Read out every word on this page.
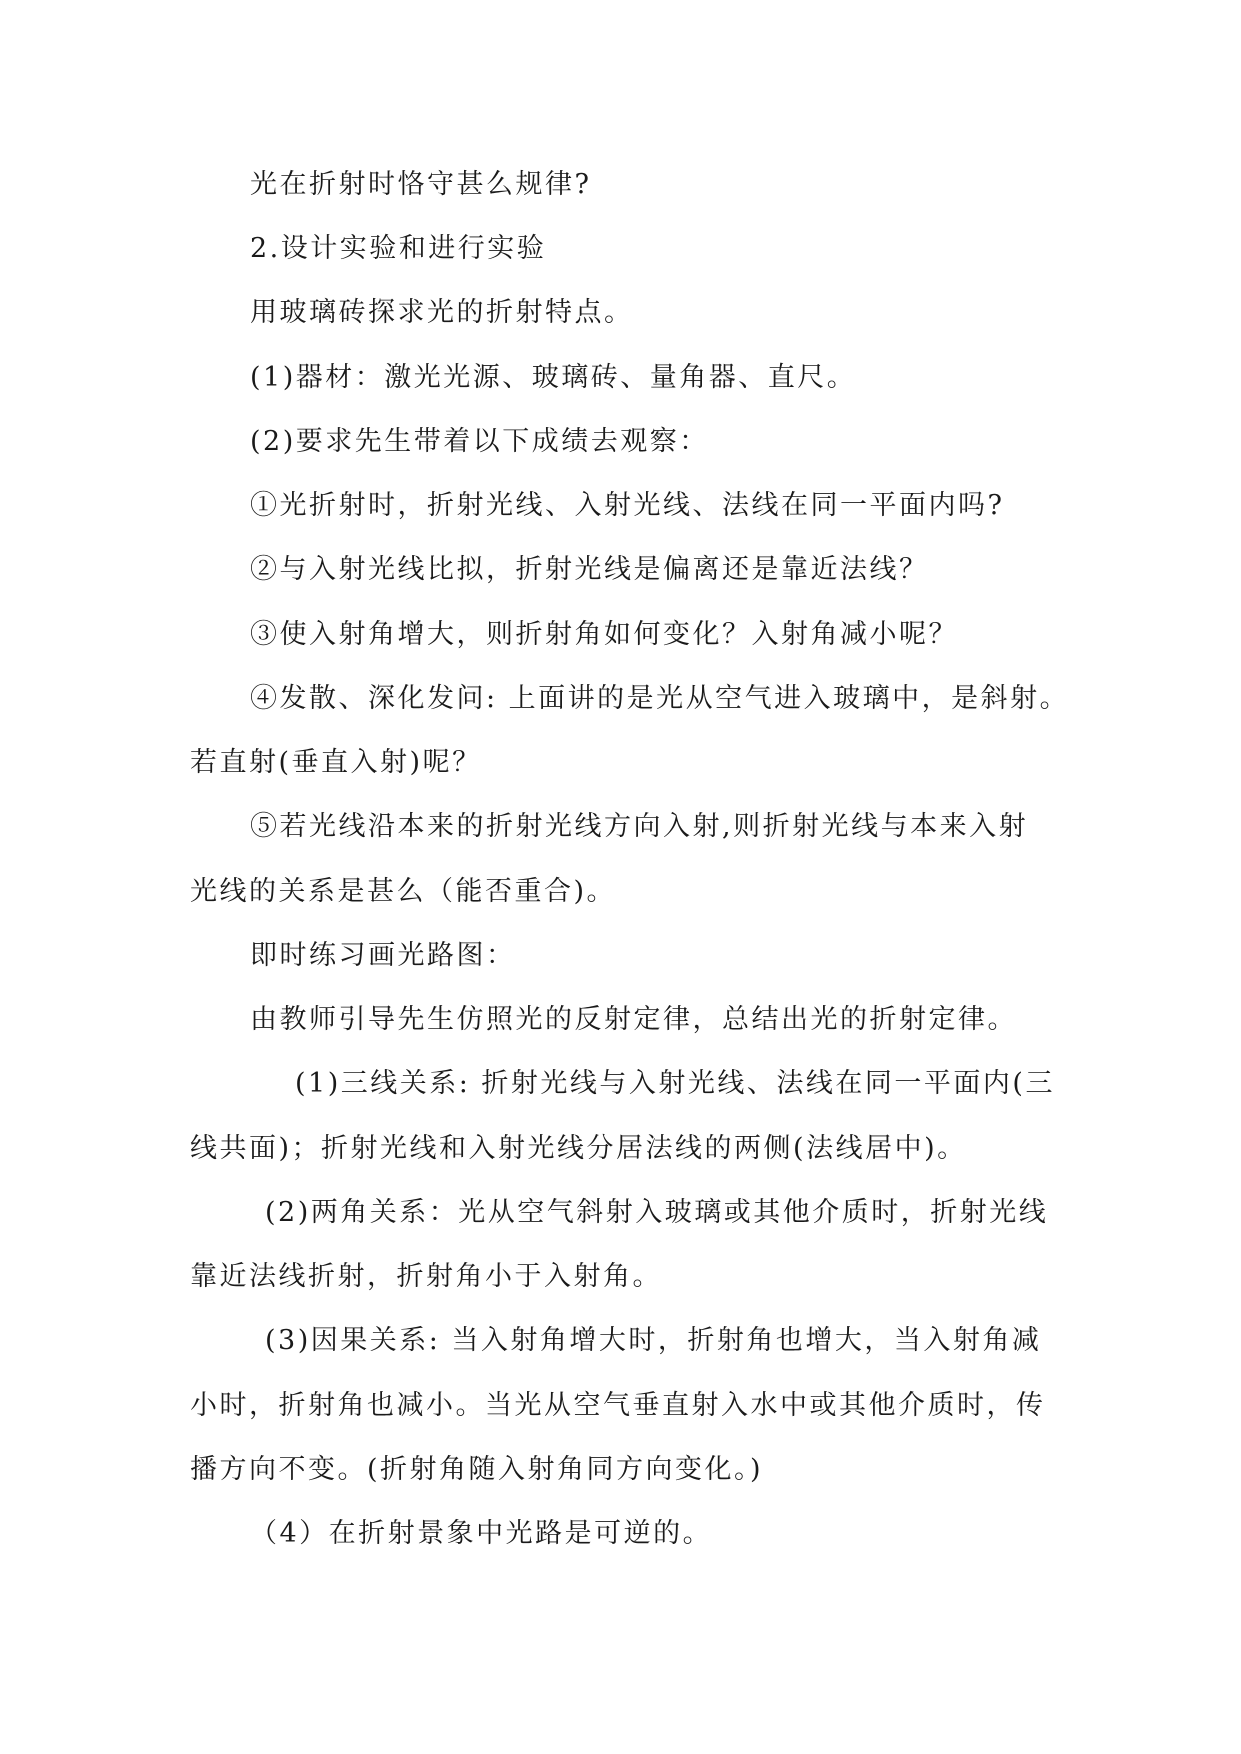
光在折射时恪守甚么规律?
2.设计实验和进行实验
用玻璃砖探求光的折射特点。
(1)器材：激光光源、玻璃砖、量角器、直尺。
(2)要求先生带着以下成绩去观察：
①光折射时，折射光线、入射光线、法线在同一平面内吗?
②与入射光线比拟，折射光线是偏离还是靠近法线？
③使入射角增大，则折射角如何变化？入射角减小呢？
④发散、深化发问: 上面讲的是光从空气进入玻璃中，是斜射。
若直射(垂直入射)呢？
⑤若光线沿本来的折射光线方向入射,则折射光线与本来入射
光线的关系是甚么（能否重合)。
即时练习画光路图：
由教师引导先生仿照光的反射定律，总结出光的折射定律。
(1)三线关系: 折射光线与入射光线、法线在同一平面内(三
线共面)；折射光线和入射光线分居法线的两侧(法线居中)。
(2)两角关系：光从空气斜射入玻璃或其他介质时，折射光线
靠近法线折射，折射角小于入射角。
(3)因果关系: 当入射角增大时，折射角也增大，当入射角减
小时，折射角也减小。当光从空气垂直射入水中或其他介质时，传
播方向不变。(折射角随入射角同方向变化。)
（4）在折射景象中光路是可逆的。
